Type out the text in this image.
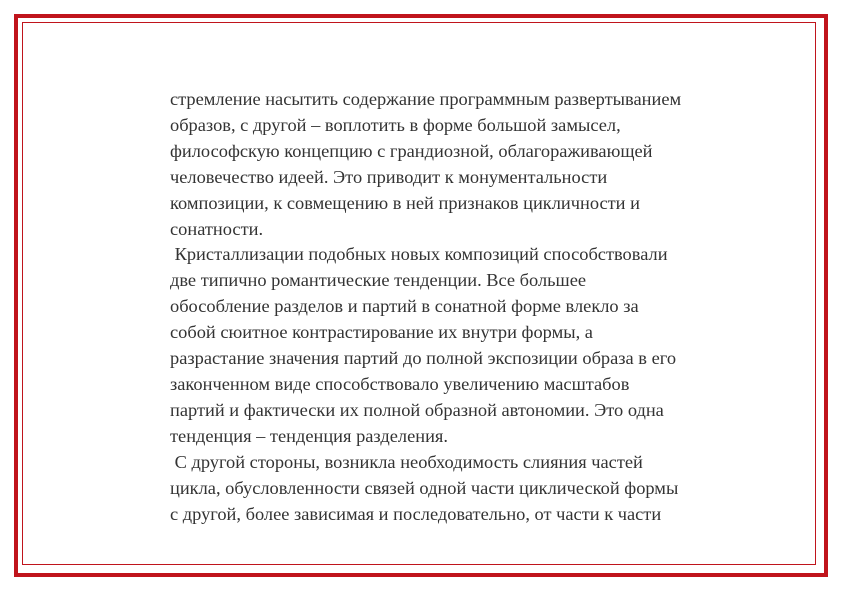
стремление насытить содержание программным развертыванием
образов, с другой – воплотить в форме большой замысел,
философскую концепцию с грандиозной, облагораживающей
человечество идеей. Это приводит к монументальности
композиции, к совмещению в ней признаков цикличности и
сонатности.
Кристаллизации подобных новых композиций способствовали
две типично романтические тенденции. Все большее
обособление разделов и партий в сонатной форме влекло за
собой сюитное контрастирование их внутри формы, а
разрастание значения партий до полной экспозиции образа в его
законченном виде способствовало увеличению масштабов
партий и фактически их полной образной автономии. Это одна
тенденция – тенденция разделения.
С другой стороны, возникла необходимость слияния частей
цикла, обусловленности связей одной части циклической формы
с другой, более зависимая и последовательно, от части к части
